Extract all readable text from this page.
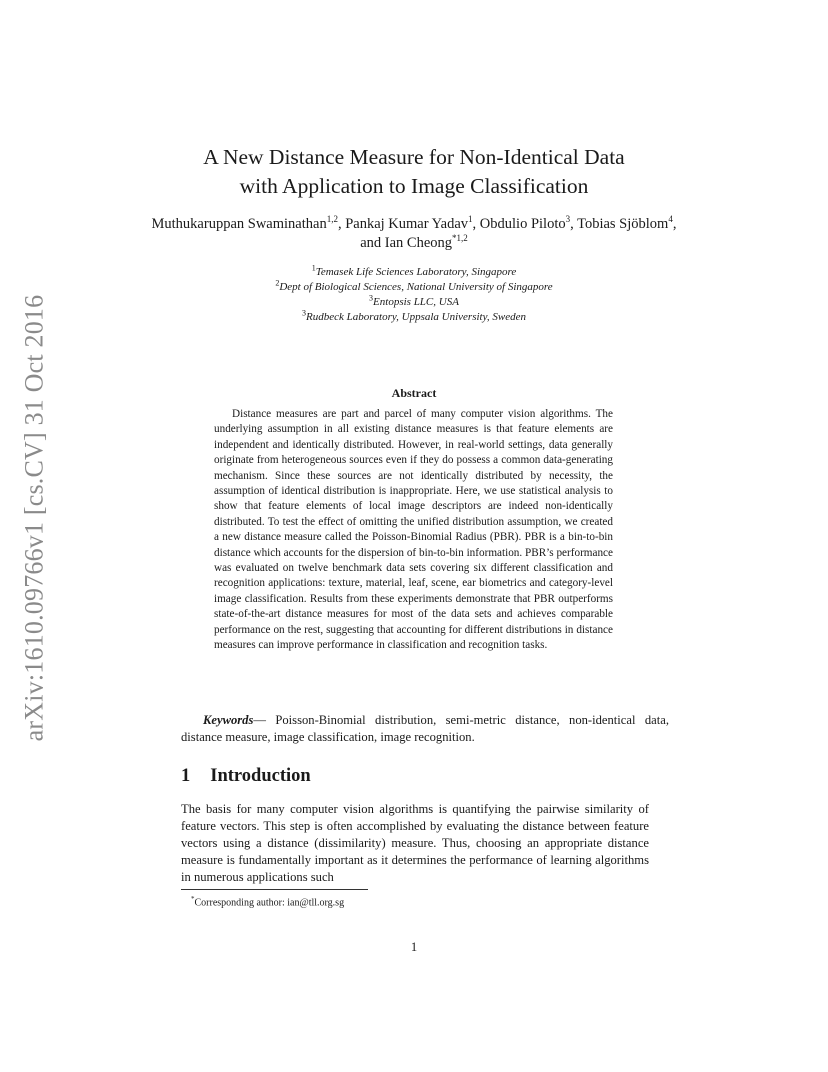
arXiv:1610.09766v1 [cs.CV] 31 Oct 2016
A New Distance Measure for Non-Identical Data
with Application to Image Classification
Muthukaruppan Swaminathan$^{1,2}$, Pankaj Kumar Yadav$^1$, Obdulio Piloto$^3$, Tobias Sjöblom$^4$, and Ian Cheong$^{*1,2}$
$^1$Temasek Life Sciences Laboratory, Singapore
$^2$Dept of Biological Sciences, National University of Singapore
$^3$Entopsis LLC, USA
$^3$Rudbeck Laboratory, Uppsala University, Sweden
Abstract

Distance measures are part and parcel of many computer vision algorithms. The underlying assumption in all existing distance measures is that feature elements are independent and identically distributed. However, in real-world settings, data generally originate from heterogeneous sources even if they do possess a common data-generating mechanism. Since these sources are not identically distributed by necessity, the assumption of identical distribution is inappropriate. Here, we use statistical analysis to show that feature elements of local image descriptors are indeed non-identically distributed. To test the effect of omitting the unified distribution assumption, we created a new distance measure called the Poisson-Binomial Radius (PBR). PBR is a bin-to-bin distance which accounts for the dispersion of bin-to-bin information. PBR’s performance was evaluated on twelve benchmark data sets covering six different classification and recognition applications: texture, material, leaf, scene, ear biometrics and category-level image classification. Results from these experiments demonstrate that PBR outperforms state-of-the-art distance measures for most of the data sets and achieves comparable performance on the rest, suggesting that accounting for different distributions in distance measures can improve performance in classification and recognition tasks.

Keywords— Poisson-Binomial distribution, semi-metric distance, non-identical data, distance measure, image classification, image recognition.

1 Introduction

The basis for many computer vision algorithms is quantifying the pairwise similarity of feature vectors. This step is often accomplished by evaluating the distance between feature vectors using a distance (dissimilarity) measure. Thus, choosing an appropriate distance measure is fundamentally important as it determines the performance of learning algorithms in numerous applications such

*Corresponding author: ian@tll.org.sg
1
